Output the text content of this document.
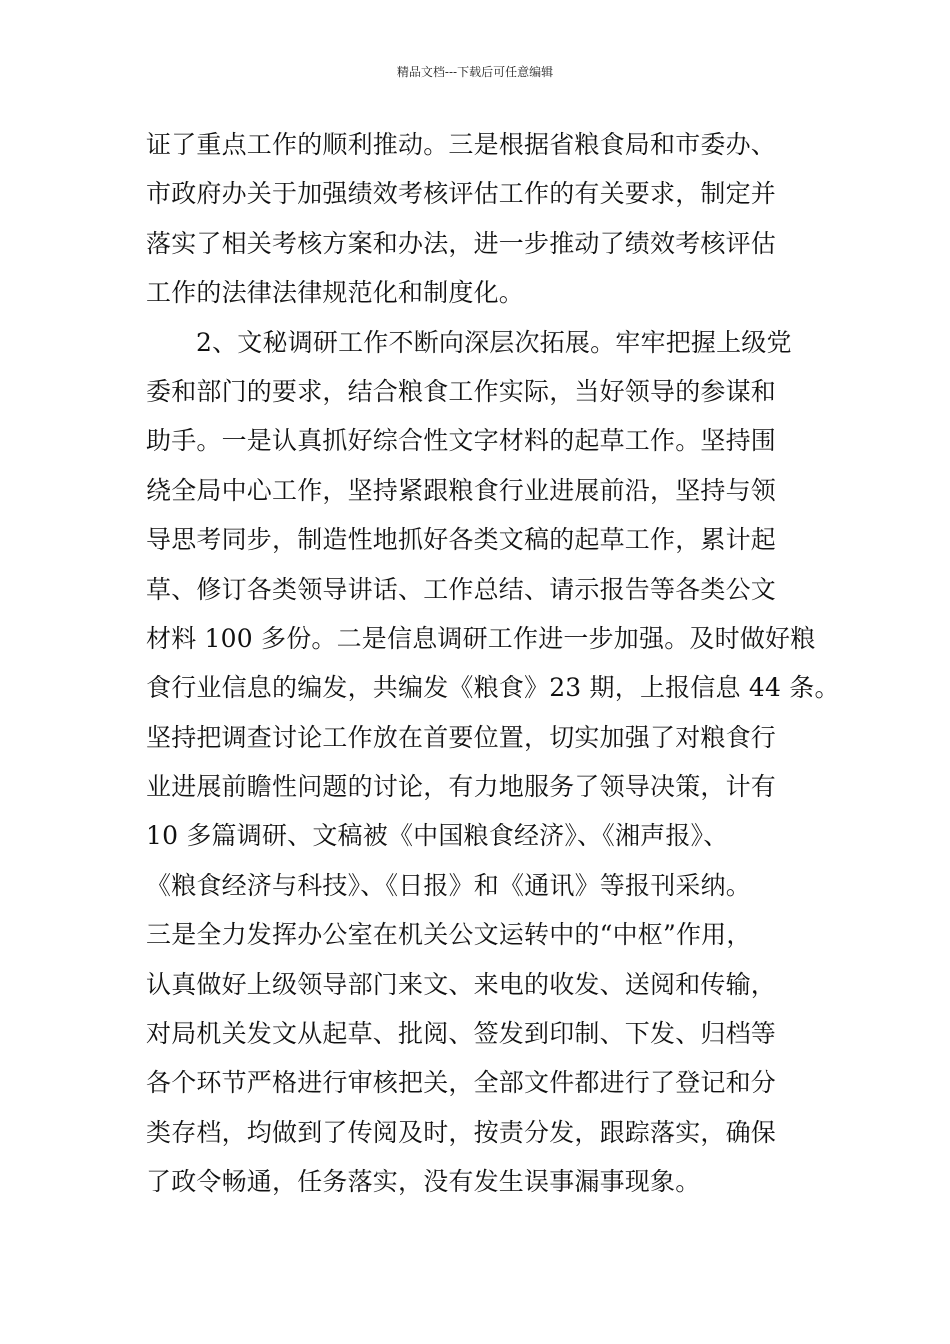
精品文档---下载后可任意编辑
证了重点工作的顺利推动。三是根据省粮食局和市委办、
市政府办关于加强绩效考核评估工作的有关要求，制定并
落实了相关考核方案和办法，进一步推动了绩效考核评估
工作的法律法律规范化和制度化。
2、文秘调研工作不断向深层次拓展。牢牢把握上级党
委和部门的要求，结合粮食工作实际，当好领导的参谋和
助手。一是认真抓好综合性文字材料的起草工作。坚持围
绕全局中心工作，坚持紧跟粮食行业进展前沿，坚持与领
导思考同步，制造性地抓好各类文稿的起草工作，累计起
草、修订各类领导讲话、工作总结、请示报告等各类公文
材料 100 多份。二是信息调研工作进一步加强。及时做好粮
食行业信息的编发，共编发《粮食》23 期，上报信息 44 条。
坚持把调查讨论工作放在首要位置，切实加强了对粮食行
业进展前瞻性问题的讨论，有力地服务了领导决策，计有
10 多篇调研、文稿被《中国粮食经济》、《湘声报》、
《粮食经济与科技》、《日报》和《通讯》等报刊采纳。
三是全力发挥办公室在机关公文运转中的“中枢”作用，
认真做好上级领导部门来文、来电的收发、送阅和传输，
对局机关发文从起草、批阅、签发到印制、下发、归档等
各个环节严格进行审核把关，全部文件都进行了登记和分
类存档，均做到了传阅及时，按责分发，跟踪落实，确保
了政令畅通，任务落实，没有发生误事漏事现象。
